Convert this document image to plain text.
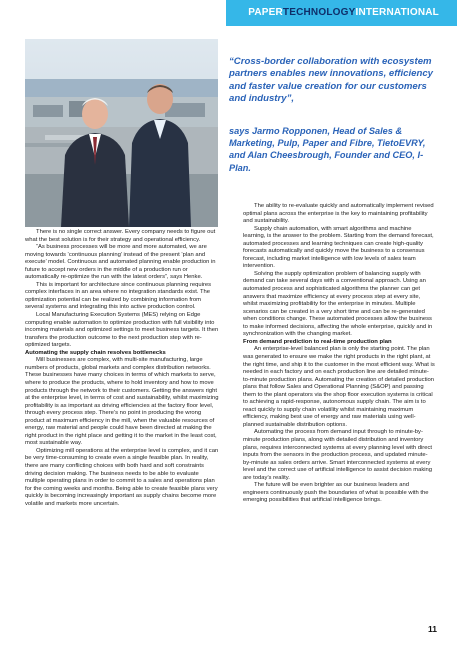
PAPERTECHNOLOGYINTERNATIONAL

“Cross-border collaboration with ecosystem partners enables new innovations, efficiency and faster value creation for our customers and industry”,

says Jarmo Ropponen, Head of Sales & Marketing, Pulp, Paper and Fibre, TietoEVRY, and Alan Cheesbrough, Founder and CEO, I-Plan.

There is no single correct answer. Every company needs to figure out what the best solution is for their strategy and operational efficiency.

“As business processes will be more and more automated, we are moving towards ‘continuous planning’ instead of the present ‘plan and execute’ model. Continuous and automated planning enable production in future to accept new orders in the middle of a production run or automatically re-optimize the run with the latest orders”, says Henke.

This is important for architecture since continuous planning requires complex interfaces in an area where no integration standards exist. The optimization potential can be realized by combining information from several systems and integrating this into active production control.

Local Manufacturing Execution Systems (MES) relying on Edge computing enable automation to optimize production with full visibility into incoming materials and optimized settings to meet business targets. It then transfers the production outcome to the next production step with re-optimized targets.

Automating the supply chain resolves bottlenecks

Mill businesses are complex, with multi-site manufacturing, large numbers of products, global markets and complex distribution networks. These businesses have many choices in terms of which markets to serve, where to produce the products, where to hold inventory and how to move products through the network to their customers. Getting the answers right at the enterprise level, in terms of cost and sustainability, whilst maximizing profitability is as important as driving efficiencies at the factory floor level, through every process step. There’s no point in producing the wrong product at maximum efficiency in the mill, when the valuable resources of energy, raw material and people could have been directed at making the right product in the right place and getting it to the market in the least cost, most sustainable way.

Optimizing mill operations at the enterprise level is complex, and it can be very time-consuming to create even a single feasible plan. In reality, there are many conflicting choices with both hard and soft constraints driving decision making. The business needs to be able to evaluate multiple operating plans in order to commit to a sales and operations plan for the coming weeks and months. Being able to create feasible plans very quickly is becoming increasingly important as supply chains become more volatile and markets more uncertain.

The ability to re-evaluate quickly and automatically implement revised optimal plans across the enterprise is the key to maintaining profitability and sustainability.

Supply chain automation, with smart algorithms and machine learning, is the answer to the problem. Starting from the demand forecast, automated processes and learning techniques can create high-quality forecasts automatically and quickly move the business to a consensus forecast, including market intelligence with low levels of sales team intervention.

Solving the supply optimization problem of balancing supply with demand can take several days with a conventional approach. Using an automated process and sophisticated algorithms the planner can get answers that maximize efficiency at every process step at every site, whilst maximizing profitability for the enterprise in minutes. Multiple scenarios can be created in a very short time and can be re-generated when conditions change. These automated processes allow the business to make informed decisions, affecting the whole enterprise, quickly and in synchronization with the changing market.

From demand prediction to real-time production plan

An enterprise-level balanced plan is only the starting point. The plan was generated to ensure we make the right products in the right plant, at the right time, and ship it to the customer in the most efficient way. What is needed in each factory and on each production line are detailed minute-to-minute production plans. Automating the creation of detailed production plans that follow Sales and Operational Planning (S&OP) and passing them to the plant operators via the shop floor execution systems is critical to achieving a rapid-response, autonomous supply chain. The aim is to react quickly to supply chain volatility whilst maintaining maximum efficiency, making best use of energy and raw materials using well-planned sustainable distribution options.

Automating the process from demand input through to minute-by-minute production plans, along with detailed distribution and inventory plans, requires interconnected systems at every planning level with direct inputs from the sensors in the production process, and updated minute-by-minute as sales orders arrive. Smart interconnected systems at every level and the correct use of artificial intelligence to assist decision making are today’s reality.

The future will be even brighter as our business leaders and engineers continuously push the boundaries of what is possible with the emerging possibilities that artificial intelligence brings.

11
